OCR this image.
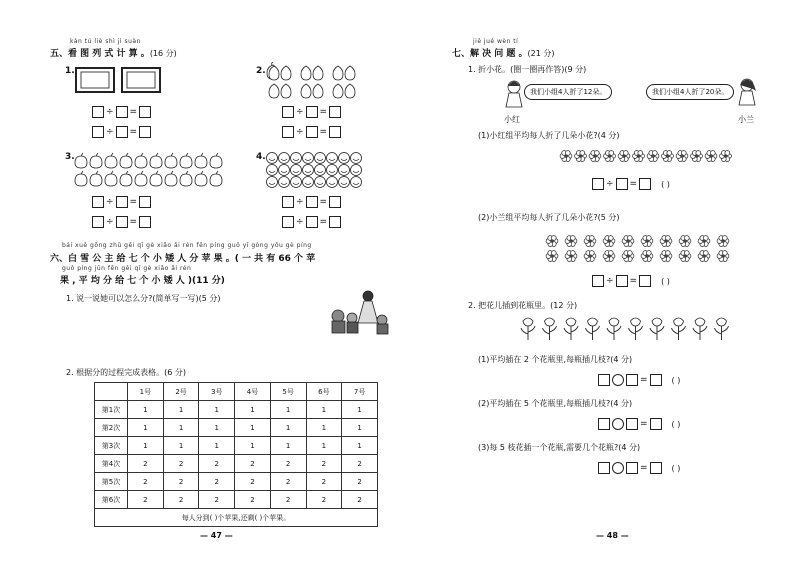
kàn tú liè shì jì suàn
五、看 图 列 式 计 算 。(16 分)
1.
÷ =
÷ =
2.
÷ =
÷ =
3.
÷ =
÷ =
4.
÷ =
÷ =
bái xuě gōng zhǔ gěi qī gè xiǎo ǎi rén fēn píng guǒ yī gòng yǒu gè píng
六、白 雪 公 主 给 七 个 小 矮 人 分 苹 果 。( 一 共 有 66 个 苹
guǒ píng jūn fēn gěi qī gè xiǎo ǎi rén
果 , 平 均 分 给 七 个 小 矮 人 )(11 分)
1. 说一说她可以怎么分?(简单写一写)(5 分)
2. 根据分的过程完成表格。(6 分)
	1号	2号	3号	4号	5号	6号	7号
第1次	1	1	1	1	1	1	1
第2次	1	1	1	1	1	1	1
第3次	1	1	1	1	1	1	1
第4次	2	2	2	2	2	2	2
第5次	2	2	2	2	2	2	2
第6次	2	2	2	2	2	2	2
每人分到( )个苹果,还剩( )个苹果。							
— 47 —
jiě jué wèn tí
七、解 决 问 题 。(21 分)
1. 折小花。(圈一圈再作答)(9 分)
我们小组4人折了12朵。	我们小组4人折了20朵。
小红	小兰
(1)小红组平均每人折了几朵小花?(4 分)
÷ =	( )
(2)小兰组平均每人折了几朵小花?(5 分)
÷ =	( )
2. 把花儿插到花瓶里。(12 分)
(1)平均插在 2 个花瓶里,每瓶插几枝?(4 分)
=	( )
(2)平均插在 5 个花瓶里,每瓶插几枝?(4 分)
=	( )
(3)每 5 枝花插一个花瓶,需要几个花瓶?(4 分)
=	( )
— 48 —
